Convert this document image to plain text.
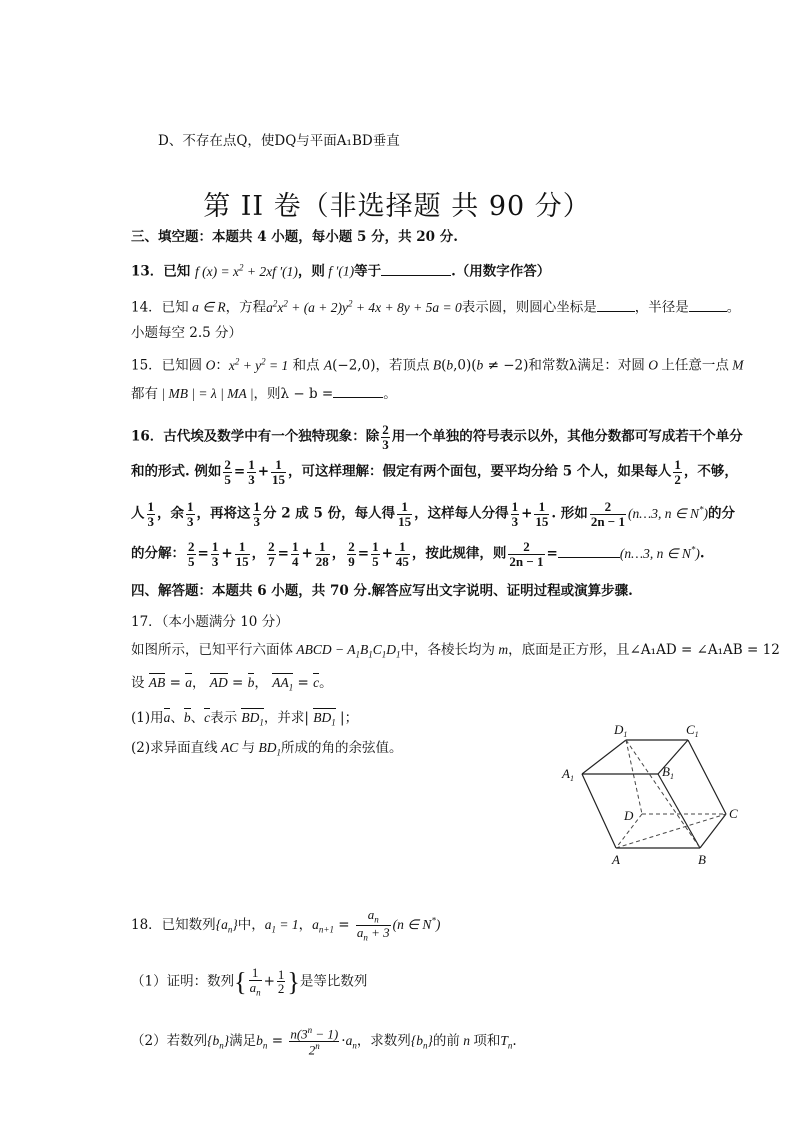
D、不存在点Q，使DQ与平面A₁BD垂直
第 II 卷（非选择题 共 90 分）
三、填空题：本题共 4 小题，每小题 5 分，共 20 分.
13．已知 f $(x) = x^2 + 2xf$ ′(1)，则 f ′(1)等于	.（用数字作答）
14．已知 a ∈ R，方程$a^2x^2 + (a + 2)y^2 + 4x + 8y + 5a = 0$表示圆，则圆心坐标是	，半径是	。
小题每空 2.5 分）
15．已知圆 O：$x^2 + y^2 = 1$ 和点 A(−2,0)，若顶点 B(b,0)(b ≠ −2)和常数λ满足：对圆 O 上任意一点 M
都有 | MB | = λ | MA |，则λ − b =	。
16．古代埃及数学中有一个独特现象：除 $\frac{2}{3}$ 用一个单独的符号表示以外，其他分数都可写成若干个单分
和的形式. 例如 $\frac{2}{5} = \frac{1}{3} + \frac{1}{15}$ ，可这样理解：假定有两个面包，要平均分给 5 个人，如果每人 $\frac{1}{2}$ ，不够，
人 $\frac{1}{3}$ ，余 $\frac{1}{3}$ ，再将这 $\frac{1}{3}$ 分 2 成 5 份，每人得 $\frac{1}{15}$ ，这样每人分得 $\frac{1}{3} + \frac{1}{15}$ . 形如 $\frac{2}{2n - 1}$ (n…3, n ∈ N*)的分
的分解： $\frac{2}{5} = \frac{1}{3} + \frac{1}{15}$ ， $\frac{2}{7} = \frac{1}{4} + \frac{1}{28}$ ， $\frac{2}{9} = \frac{1}{5} + \frac{1}{45}$ ，按此规律，则 $\frac{2}{2n - 1}$ =	(n…3, n ∈ N*).
四、解答题：本题共 6 小题，共 70 分.解答应写出文字说明、证明过程或演算步骤.
17．（本小题满分 10 分）
如图所示，已知平行六面体 ABCD − $A_1B_1C_1D_1$中，各棱长均为 m，底面是正方形，且∠A₁AD = ∠A₁AB = 12
设 AB = a， AD = b， $AA_1 = c$。
(1)用a、b、c表示 $BD_1$，并求| $BD_1$ |；
(2)求异面直线 AC 与 $BD_1$所成的角的余弦值。
$D_1$	$C_1$
$A_1$	$B_1$
D	C
A	B
18．已知数列$\{a_n\}$中，$a_1 = 1$，$a_{n+1} = \frac{a_n}{a_n + 3} (n$ ∈ N*)
（1）证明：数列{ $\frac{1}{a_n} + \frac{1}{2}$ }是等比数列
（2）若数列$\{b_n\}$满足$b_n = \frac{n(3^n - 1)}{2^n} \cdot a_n$，求数列$\{b_n\}$的前 n 项和$T_n$.
